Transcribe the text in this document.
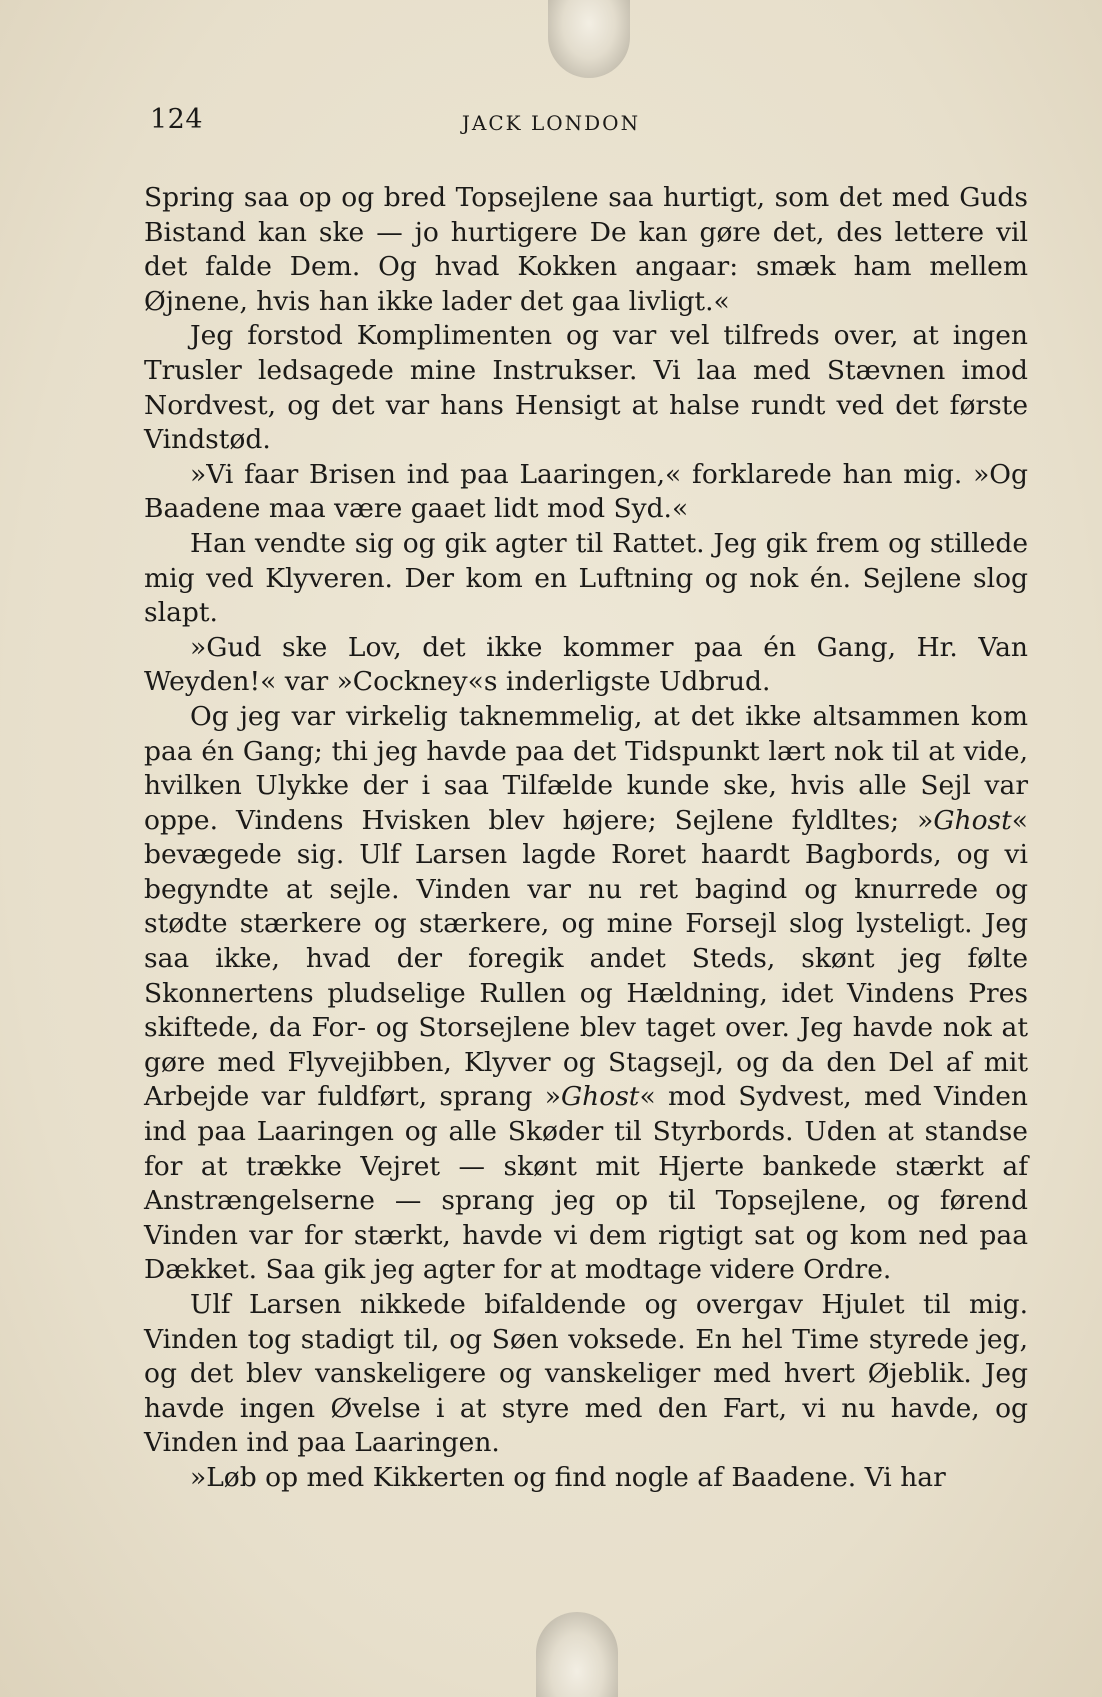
124	JACK LONDON

Spring saa op og bred Topsejlene saa hurtigt, som det med Guds Bistand kan ske — jo hurtigere De kan gøre det, des lettere vil det falde Dem. Og hvad Kokken angaar: smæk ham mellem Øjnene, hvis han ikke lader det gaa livligt.«

Jeg forstod Komplimenten og var vel tilfreds over, at ingen Trusler ledsagede mine Instrukser. Vi laa med Stævnen imod Nordvest, og det var hans Hensigt at halse rundt ved det første Vindstød.

»Vi faar Brisen ind paa Laaringen,« forklarede han mig. »Og Baadene maa være gaaet lidt mod Syd.«

Han vendte sig og gik agter til Rattet. Jeg gik frem og stillede mig ved Klyveren. Der kom en Luftning og nok én. Sejlene slog slapt.

»Gud ske Lov, det ikke kommer paa én Gang, Hr. Van Weyden!« var »Cockney«s inderligste Udbrud.

Og jeg var virkelig taknemmelig, at det ikke altsammen kom paa én Gang; thi jeg havde paa det Tidspunkt lært nok til at vide, hvilken Ulykke der i saa Tilfælde kunde ske, hvis alle Sejl var oppe. Vindens Hvisken blev højere; Sejlene fyldltes; »Ghost« bevægede sig. Ulf Larsen lagde Roret haardt Bagbords, og vi begyndte at sejle. Vinden var nu ret bagind og knurrede og stødte stærkere og stærkere, og mine Forsejl slog lysteligt. Jeg saa ikke, hvad der foregik andet Steds, skønt jeg følte Skonnertens pludselige Rullen og Hældning, idet Vindens Pres skiftede, da For- og Storsejlene blev taget over. Jeg havde nok at gøre med Flyvejibben, Klyver og Stagsejl, og da den Del af mit Arbejde var fuldført, sprang »Ghost« mod Sydvest, med Vinden ind paa Laaringen og alle Skøder til Styrbords. Uden at standse for at trække Vejret — skønt mit Hjerte bankede stærkt af Anstrængelserne — sprang jeg op til Topsejlene, og førend Vinden var for stærkt, havde vi dem rigtigt sat og kom ned paa Dækket. Saa gik jeg agter for at modtage videre Ordre.

Ulf Larsen nikkede bifaldende og overgav Hjulet til mig. Vinden tog stadigt til, og Søen voksede. En hel Time styrede jeg, og det blev vanskeligere og vanskeliger med hvert Øjeblik. Jeg havde ingen Øvelse i at styre med den Fart, vi nu havde, og Vinden ind paa Laaringen.

»Løb op med Kikkerten og find nogle af Baadene. Vi har
